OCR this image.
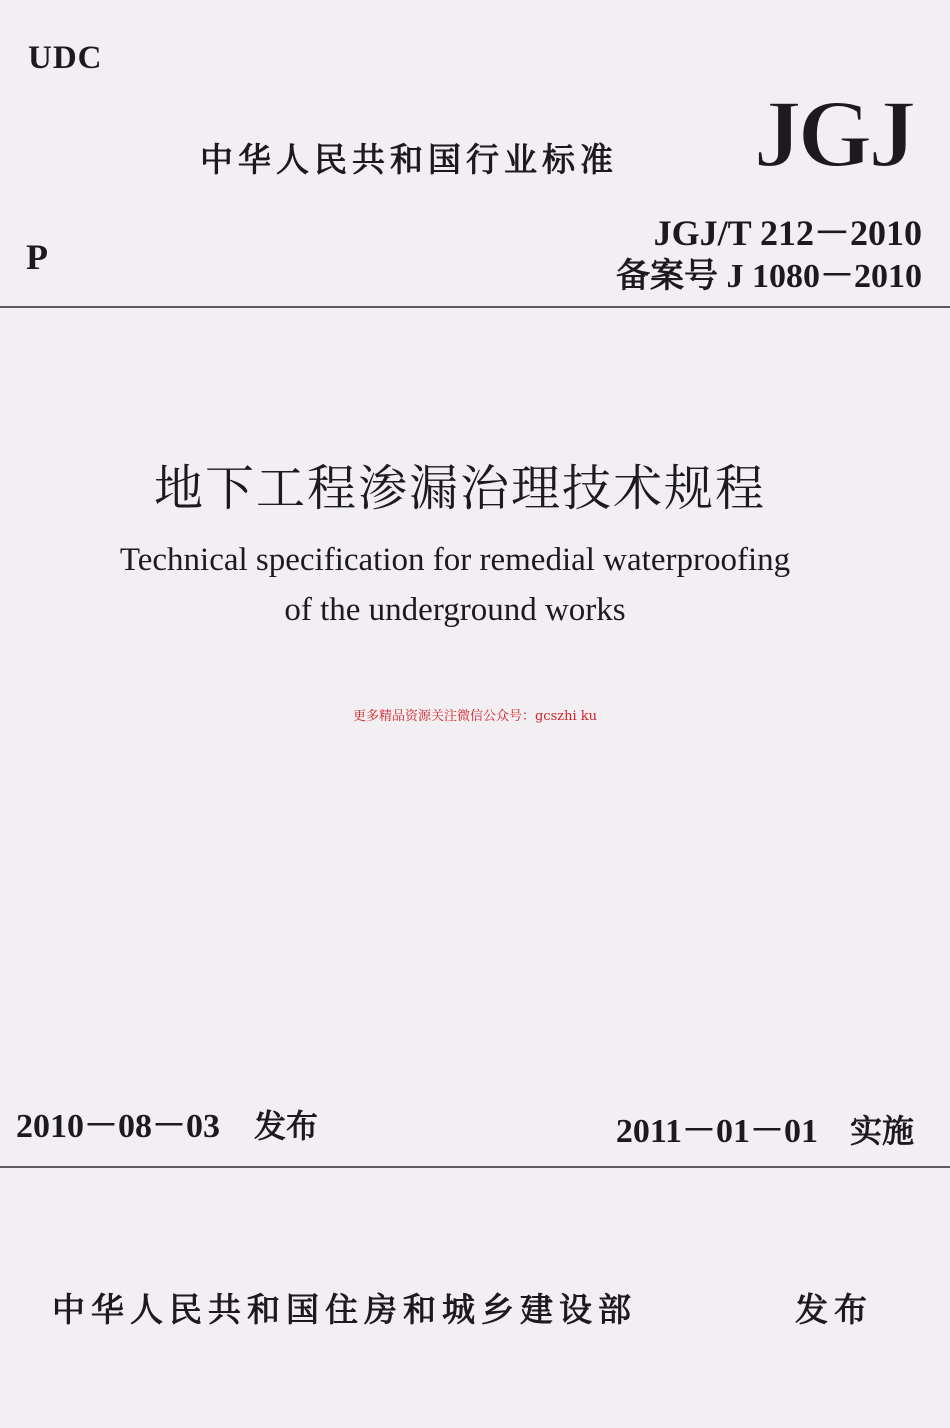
UDC
中华人民共和国行业标准 JGJ
JGJ/T 212－2010
P	备案号 J 1080－2010
地下工程渗漏治理技术规程
Technical specification for remedial waterproofing
of the underground works
更多精品资源关注微信公众号：gcszhi ku
2010－08－03 发布	2011－01－01 实施
中华人民共和国住房和城乡建设部	发布
